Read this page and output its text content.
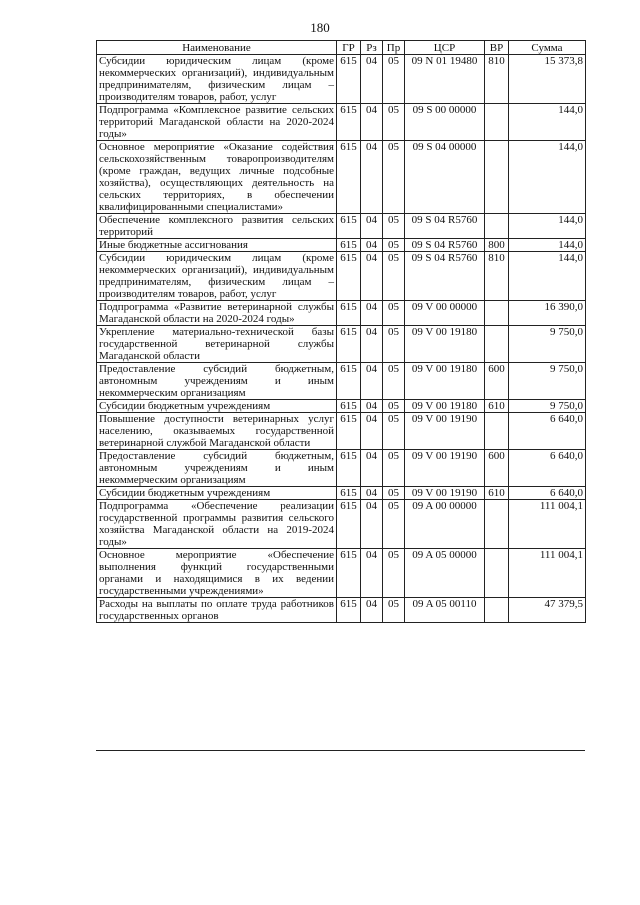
180
Наименование	ГР	Рз	Пр	ЦСР	ВР	Сумма
Субсидии юридическим лицам (кроме некоммерческих организаций), индивидуальным предпринимателям, физическим лицам – производителям товаров, работ, услуг	615	04	05	09 N 01 19480	810	15 373,8
Подпрограмма «Комплексное развитие сельских территорий Магаданской области на 2020-2024 годы»	615	04	05	09 S 00 00000		144,0
Основное мероприятие «Оказание содействия сельскохозяйственным товаропроизводителям (кроме граждан, ведущих личные подсобные хозяйства), осуществляющих деятельность на сельских территориях, в обеспечении квалифицированными специалистами»	615	04	05	09 S 04 00000		144,0
Обеспечение комплексного развития сельских территорий	615	04	05	09 S 04 R5760		144,0
Иные бюджетные ассигнования	615	04	05	09 S 04 R5760	800	144,0
Субсидии юридическим лицам (кроме некоммерческих организаций), индивидуальным предпринимателям, физическим лицам – производителям товаров, работ, услуг	615	04	05	09 S 04 R5760	810	144,0
Подпрограмма «Развитие ветеринарной службы Магаданской области на 2020-2024 годы»	615	04	05	09 V 00 00000		16 390,0
Укрепление материально-технической базы государственной ветеринарной службы Магаданской области	615	04	05	09 V 00 19180		9 750,0
Предоставление субсидий бюджетным, автономным учреждениям и иным некоммерческим организациям	615	04	05	09 V 00 19180	600	9 750,0
Субсидии бюджетным учреждениям	615	04	05	09 V 00 19180	610	9 750,0
Повышение доступности ветеринарных услуг населению, оказываемых государственной ветеринарной службой Магаданской области	615	04	05	09 V 00 19190		6 640,0
Предоставление субсидий бюджетным, автономным учреждениям и иным некоммерческим организациям	615	04	05	09 V 00 19190	600	6 640,0
Субсидии бюджетным учреждениям	615	04	05	09 V 00 19190	610	6 640,0
Подпрограмма «Обеспечение реализации государственной программы развития сельского хозяйства Магаданской области на 2019-2024 годы»	615	04	05	09 A 00 00000		111 004,1
Основное мероприятие «Обеспечение выполнения функций государственными органами и находящимися в их ведении государственными учреждениями»	615	04	05	09 A 05 00000		111 004,1
Расходы на выплаты по оплате труда работников государственных органов	615	04	05	09 A 05 00110		47 379,5
